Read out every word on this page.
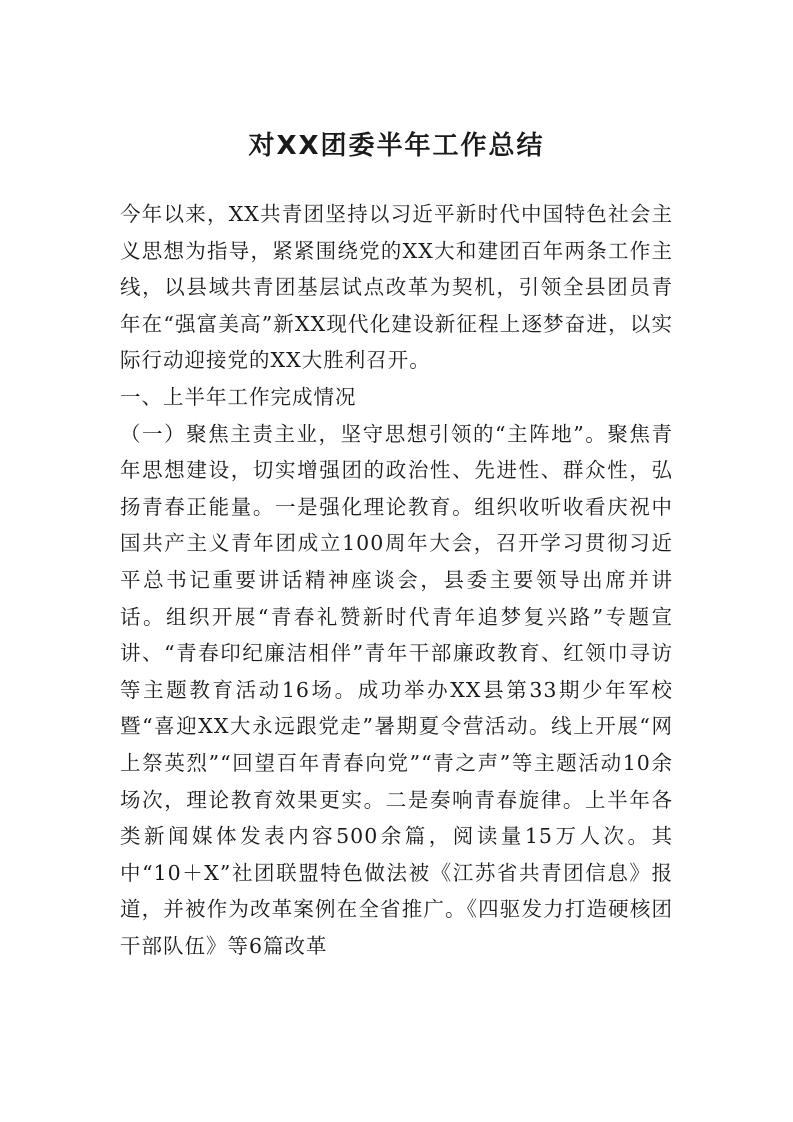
对XX团委半年工作总结

今年以来，XX共青团坚持以习近平新时代中国特色社会主义思想为指导，紧紧围绕党的XX大和建团百年两条工作主线，以县域共青团基层试点改革为契机，引领全县团员青年在“强富美高”新XX现代化建设新征程上逐梦奋进，以实际行动迎接党的XX大胜利召开。

一、上半年工作完成情况

（一）聚焦主责主业，坚守思想引领的“主阵地”。聚焦青年思想建设，切实增强团的政治性、先进性、群众性，弘扬青春正能量。一是强化理论教育。组织收听收看庆祝中国共产主义青年团成立100周年大会，召开学习贯彻习近平总书记重要讲话精神座谈会，县委主要领导出席并讲话。组织开展“青春礼赞新时代青年追梦复兴路”专题宣讲、“青春印纪廉洁相伴”青年干部廉政教育、红领巾寻访等主题教育活动16场。成功举办XX县第33期少年军校暨“喜迎XX大永远跟党走”暑期夏令营活动。线上开展“网上祭英烈”“回望百年青春向党”“青之声”等主题活动10余场次，理论教育效果更实。二是奏响青春旋律。上半年各类新闻媒体发表内容500余篇，阅读量15万人次。其中“10＋X”社团联盟特色做法被《江苏省共青团信息》报道，并被作为改革案例在全省推广。《四驱发力打造硬核团干部队伍》等6篇改革
